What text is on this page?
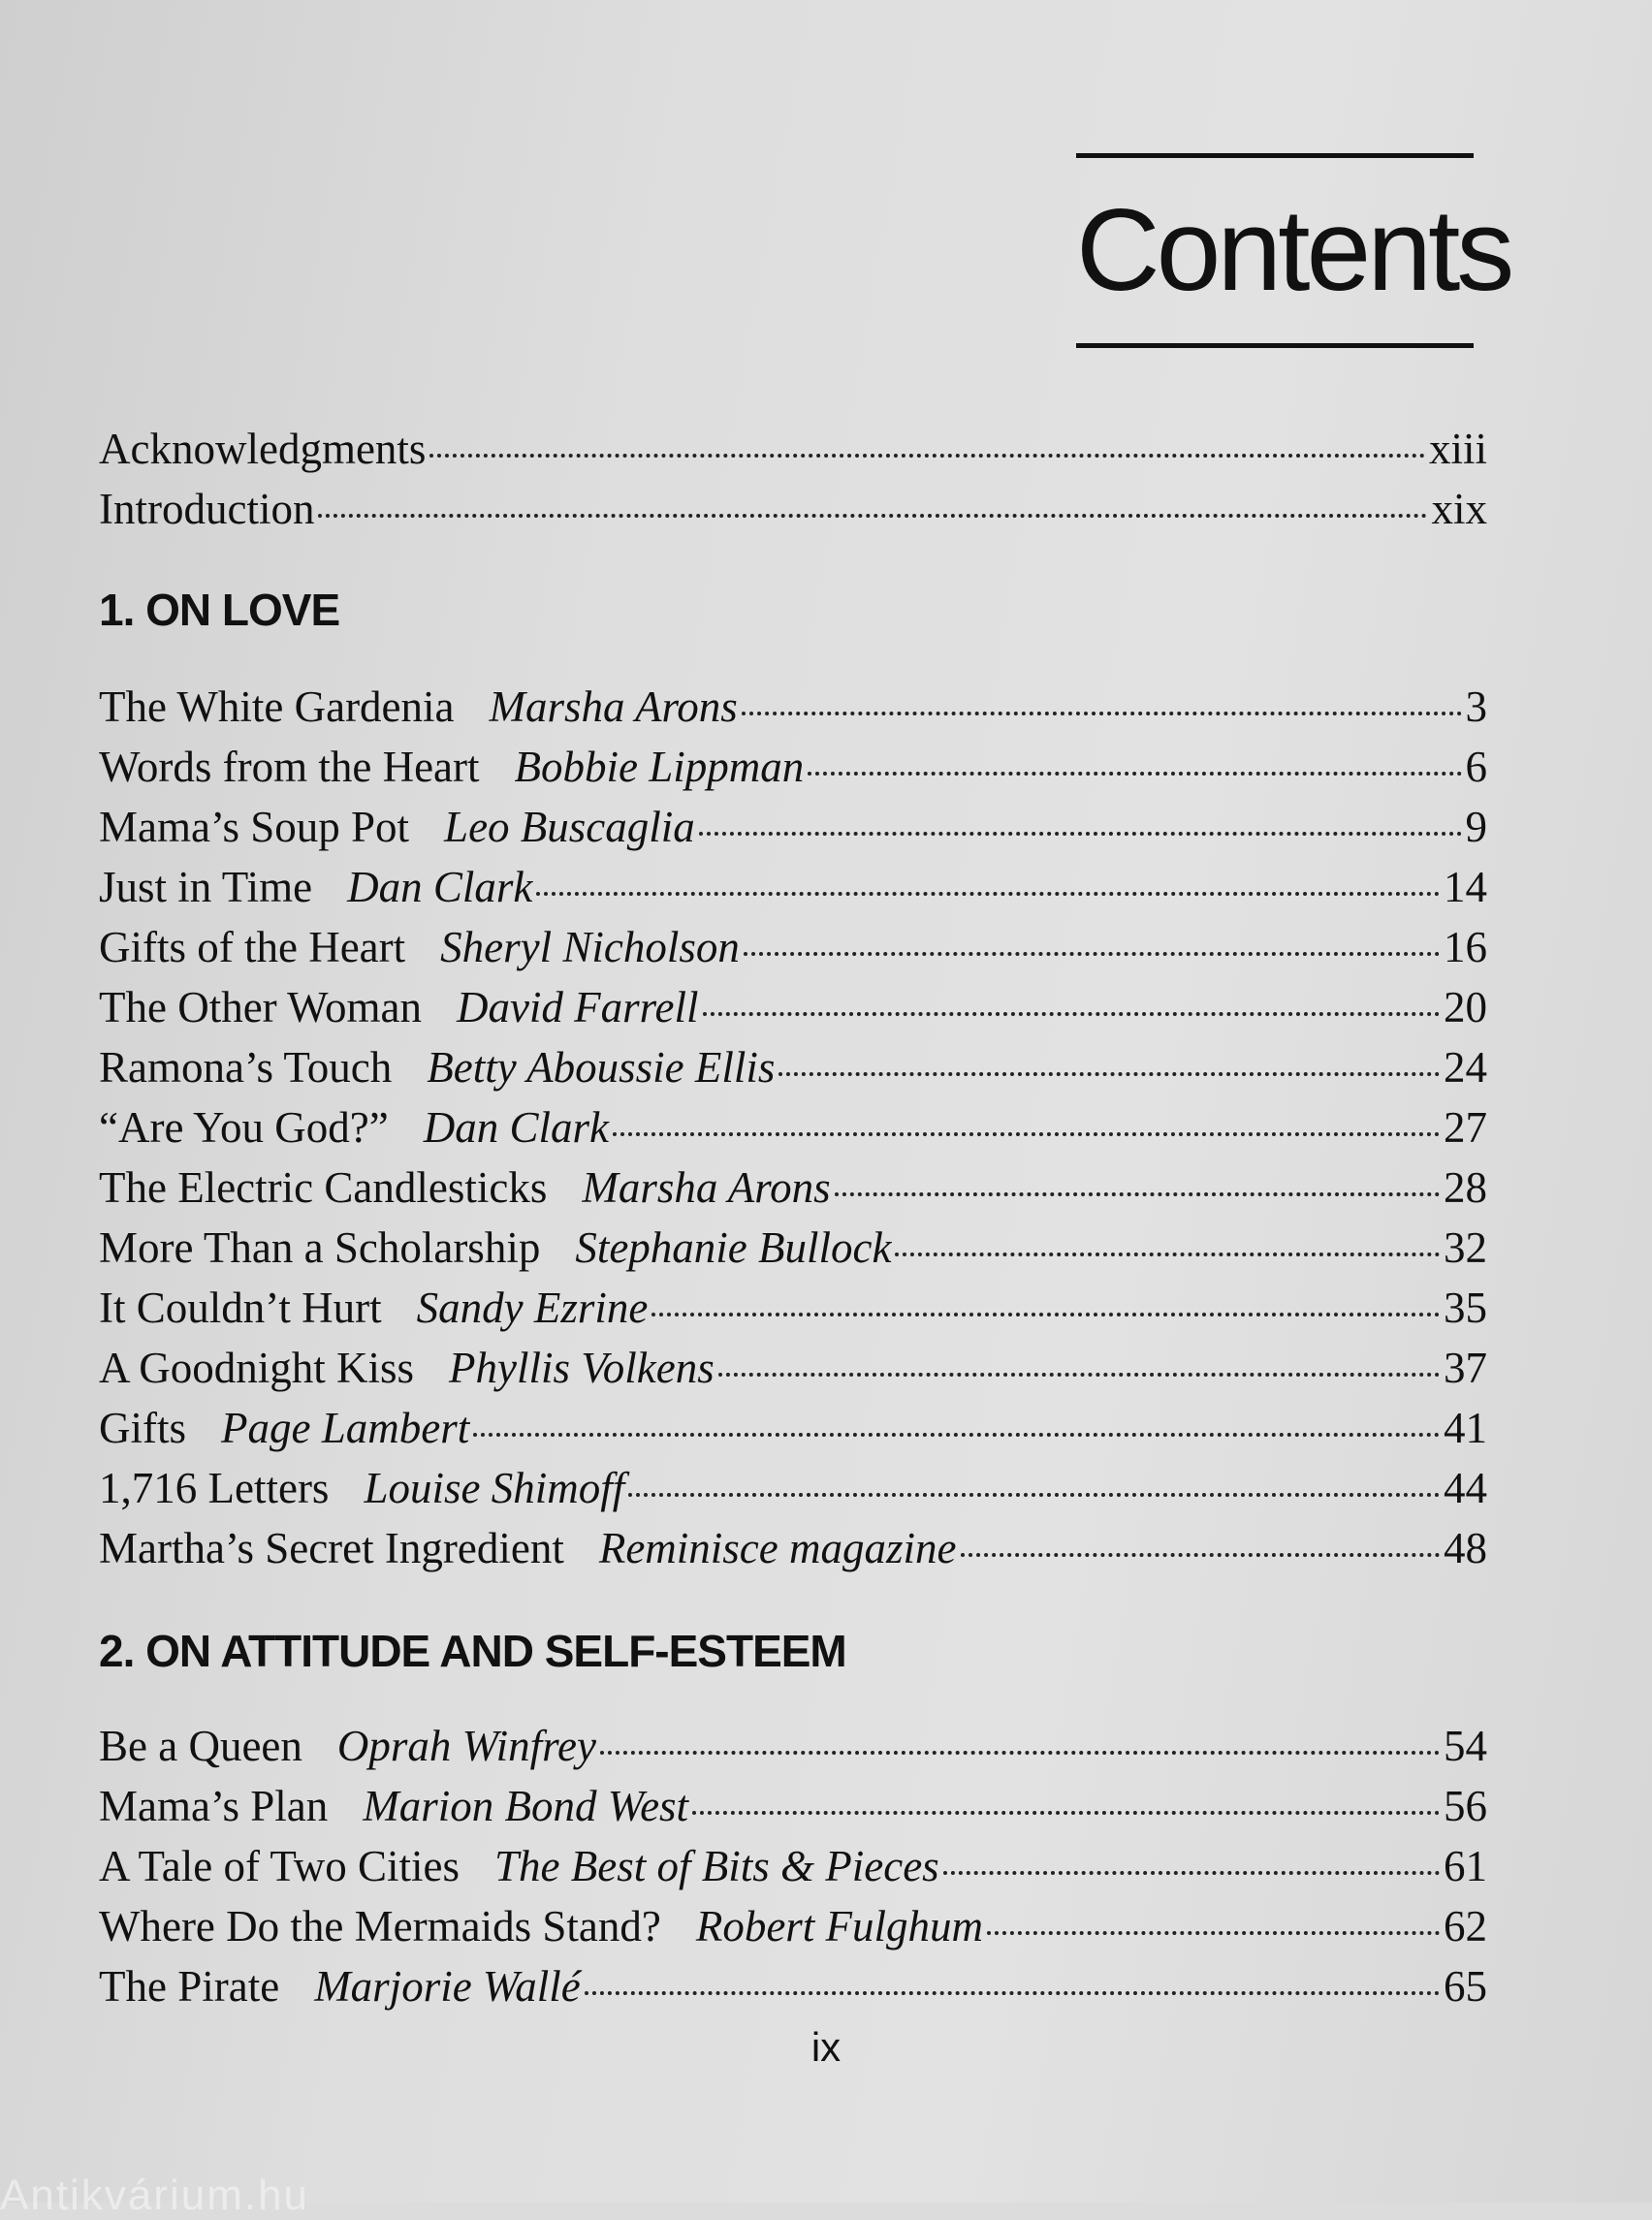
Contents
Acknowledgments	xiii
Introduction	xix
1. ON LOVE
The White Gardenia Marsha Arons	3
Words from the Heart Bobbie Lippman	6
Mama’s Soup Pot Leo Buscaglia	9
Just in Time Dan Clark	14
Gifts of the Heart Sheryl Nicholson	16
The Other Woman David Farrell	20
Ramona’s Touch Betty Aboussie Ellis	24
“Are You God?” Dan Clark	27
The Electric Candlesticks Marsha Arons	28
More Than a Scholarship Stephanie Bullock	32
It Couldn’t Hurt Sandy Ezrine	35
A Goodnight Kiss Phyllis Volkens	37
Gifts Page Lambert	41
1,716 Letters Louise Shimoff	44
Martha’s Secret Ingredient Reminisce magazine	48
2. ON ATTITUDE AND SELF-ESTEEM
Be a Queen Oprah Winfrey	54
Mama’s Plan Marion Bond West	56
A Tale of Two Cities The Best of Bits & Pieces	61
Where Do the Mermaids Stand? Robert Fulghum	62
The Pirate Marjorie Wallé	65
ix
Antikvárium.hu
